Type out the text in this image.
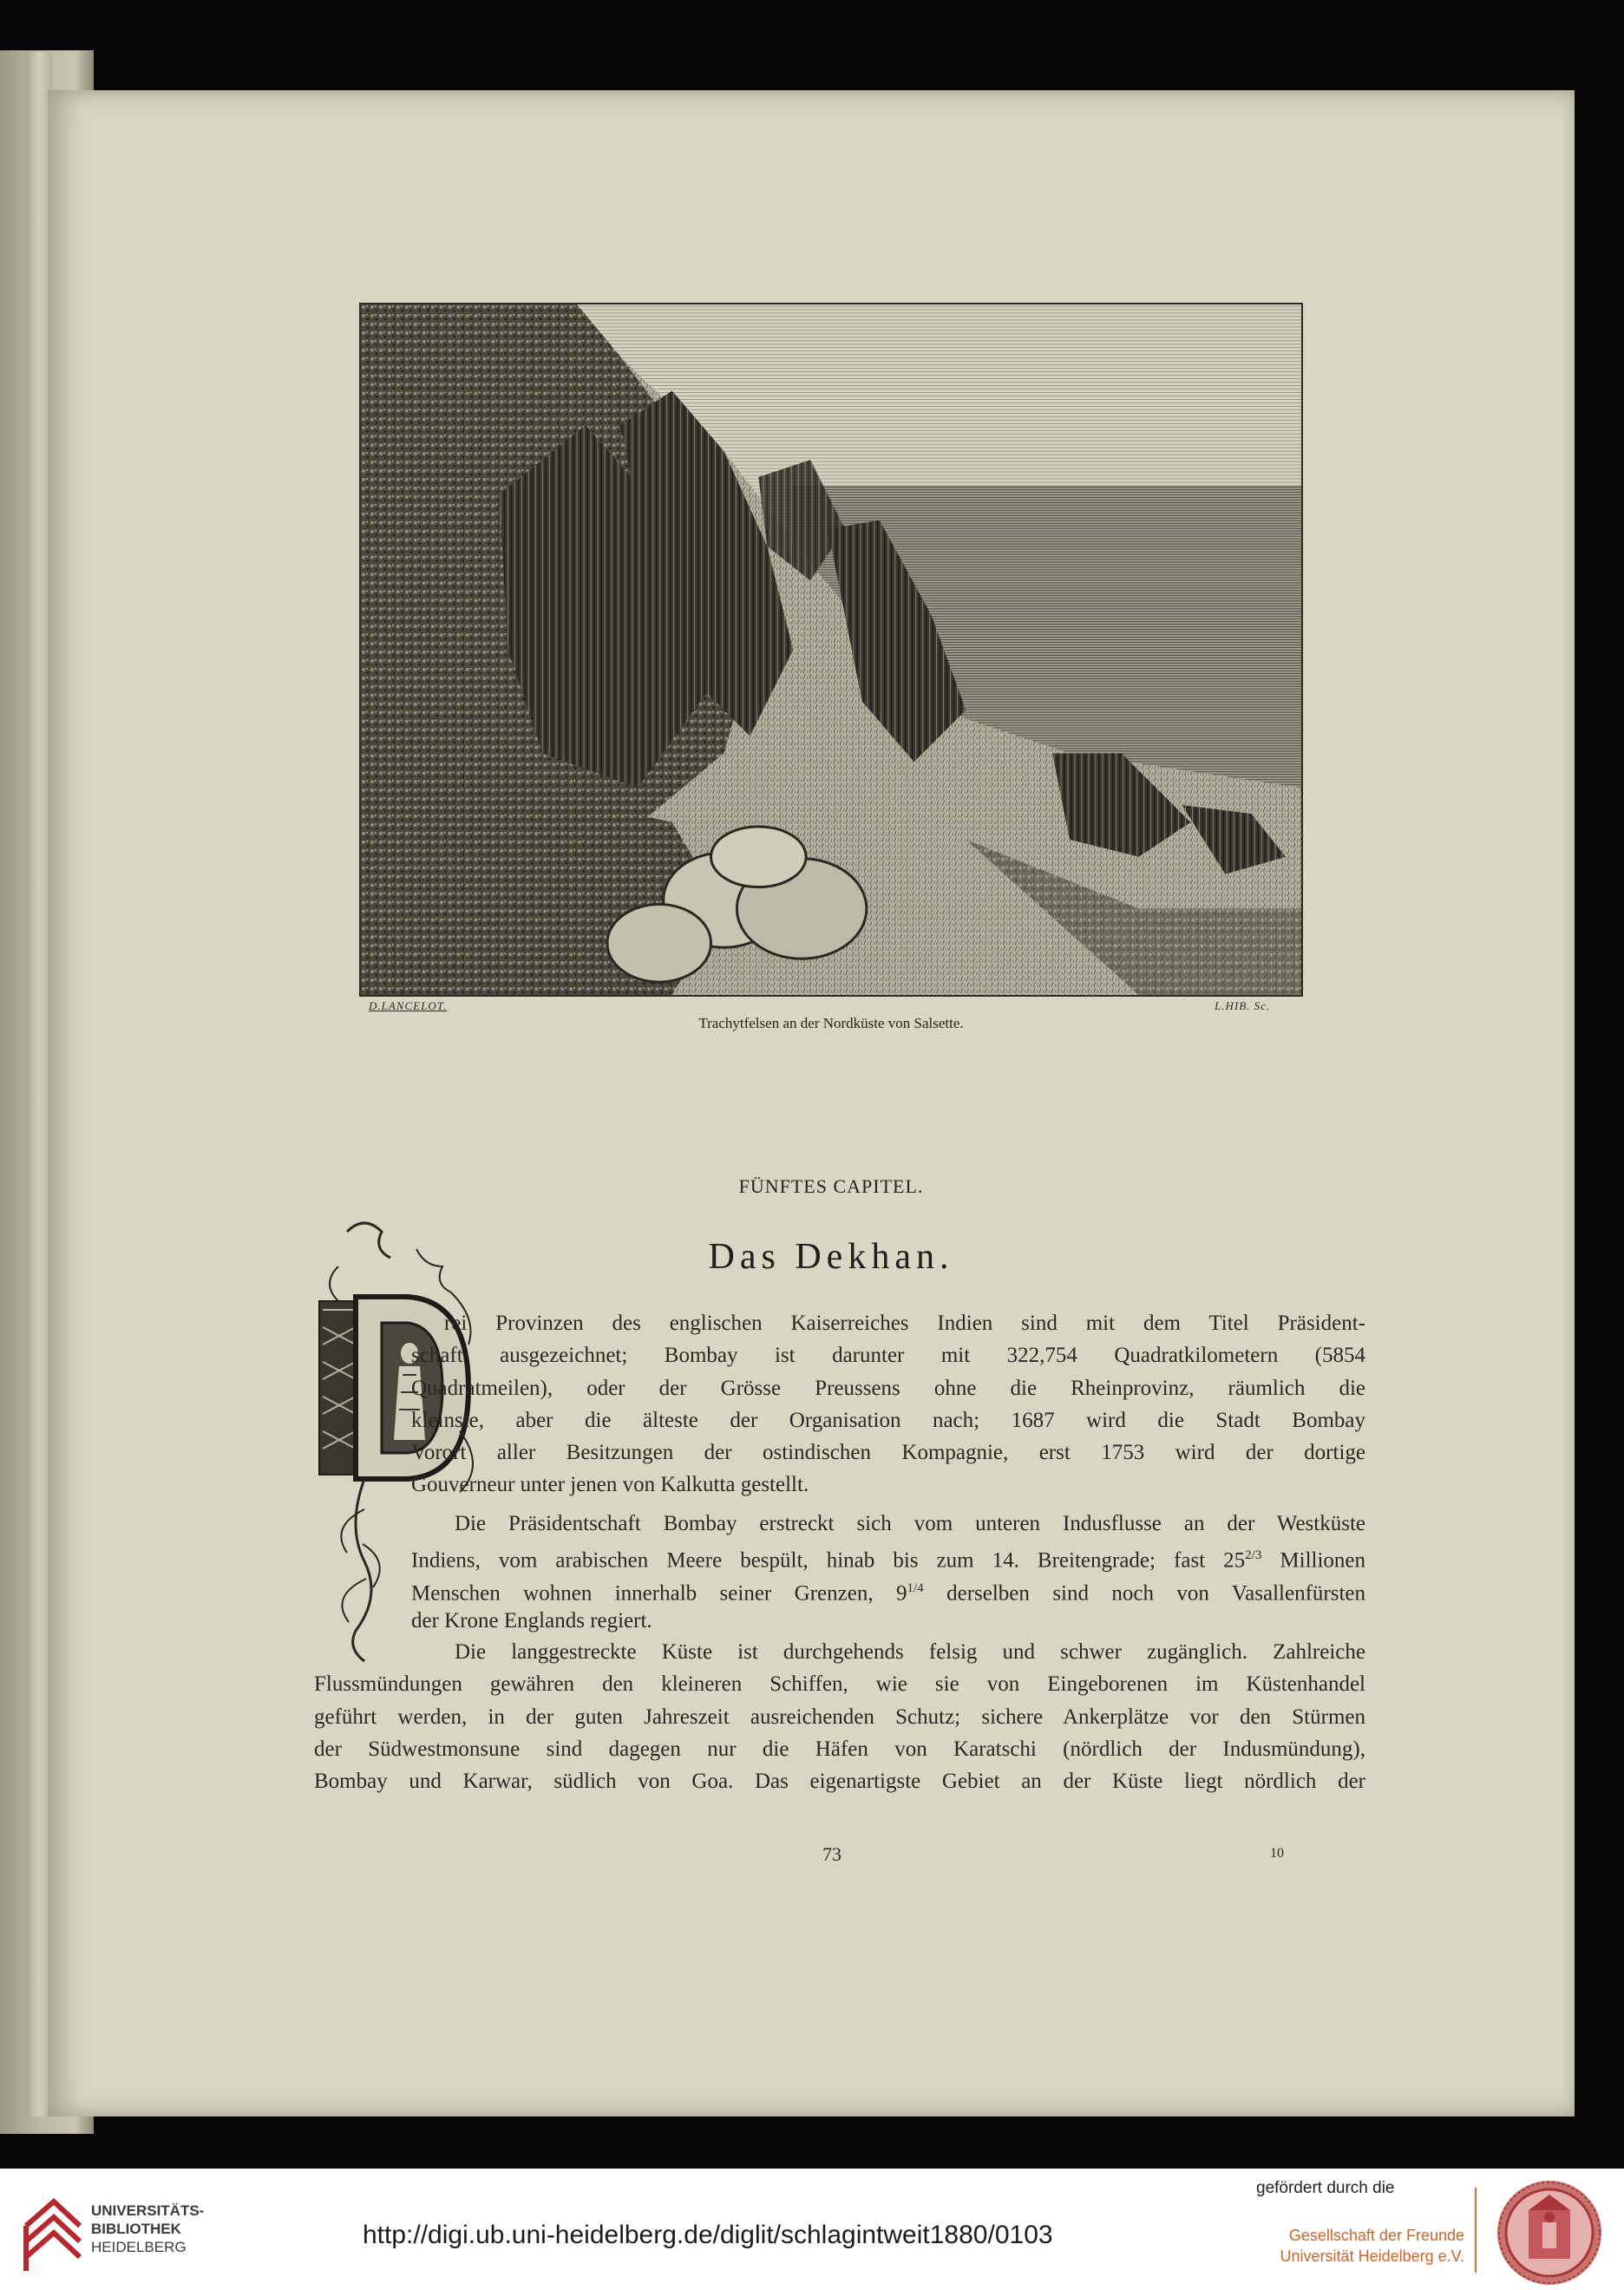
D.LANCELOT.	L.HIB. Sc.
Trachytfelsen an der Nordküste von Salsette.
FÜNFTES CAPITEL.
Das Dekhan.
rei Provinzen des englischen Kaiserreiches Indien sind mit dem Titel Präsident-
schaft ausgezeichnet; Bombay ist darunter mit 322,754 Quadratkilometern (5854
Quadratmeilen), oder der Grösse Preussens ohne die Rheinprovinz, räumlich die
kleinste, aber die älteste der Organisation nach; 1687 wird die Stadt Bombay
Vorort aller Besitzungen der ostindischen Kompagnie, erst 1753 wird der dortige
Gouverneur unter jenen von Kalkutta gestellt.
Die Präsidentschaft Bombay erstreckt sich vom unteren Indusflusse an der Westküste
Indiens, vom arabischen Meere bespült, hinab bis zum 14. Breitengrade; fast $25^{2/3}$ Millionen
Menschen wohnen innerhalb seiner Grenzen, $9^{1/4}$ derselben sind noch von Vasallenfürsten
der Krone Englands regiert.
Die langgestreckte Küste ist durchgehends felsig und schwer zugänglich. Zahlreiche
Flussmündungen gewähren den kleineren Schiffen, wie sie von Eingeborenen im Küstenhandel
geführt werden, in der guten Jahreszeit ausreichenden Schutz; sichere Ankerplätze vor den Stürmen
der Südwestmonsune sind dagegen nur die Häfen von Karatschi (nördlich der Indusmündung),
Bombay und Karwar, südlich von Goa. Das eigenartigste Gebiet an der Küste liegt nördlich der
73	10
UNIVERSITÄTS-
BIBLIOTHEK
HEIDELBERG	http://digi.ub.uni-heidelberg.de/diglit/schlagintweit1880/0103
gefördert durch die
Gesellschaft der Freunde
Universität Heidelberg e.V.
